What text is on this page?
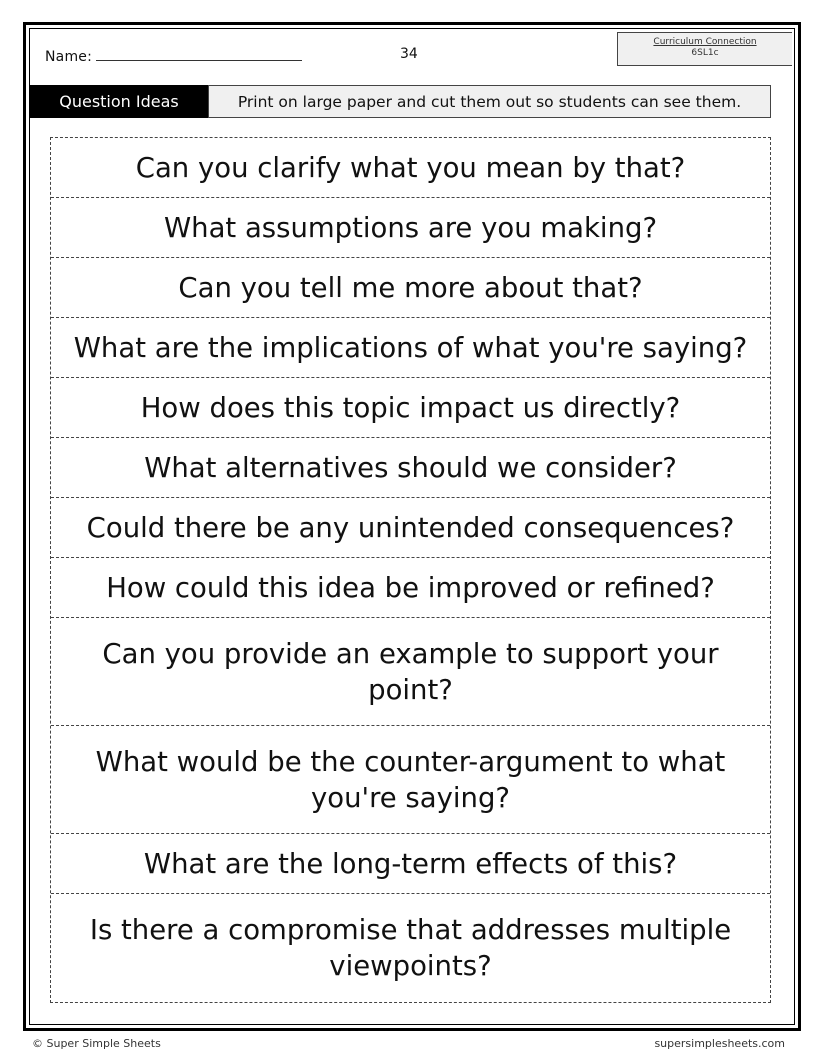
Name:	34
Curriculum Connection
6SL1c
Question Ideas	Print on large paper and cut them out so students can see them.
Can you clarify what you mean by that?
What assumptions are you making?
Can you tell me more about that?
What are the implications of what you're saying?
How does this topic impact us directly?
What alternatives should we consider?
Could there be any unintended consequences?
How could this idea be improved or refined?
Can you provide an example to support your point?
What would be the counter-argument to what you're saying?
What are the long-term effects of this?
Is there a compromise that addresses multiple viewpoints?
© Super Simple Sheets	supersimplesheets.com
